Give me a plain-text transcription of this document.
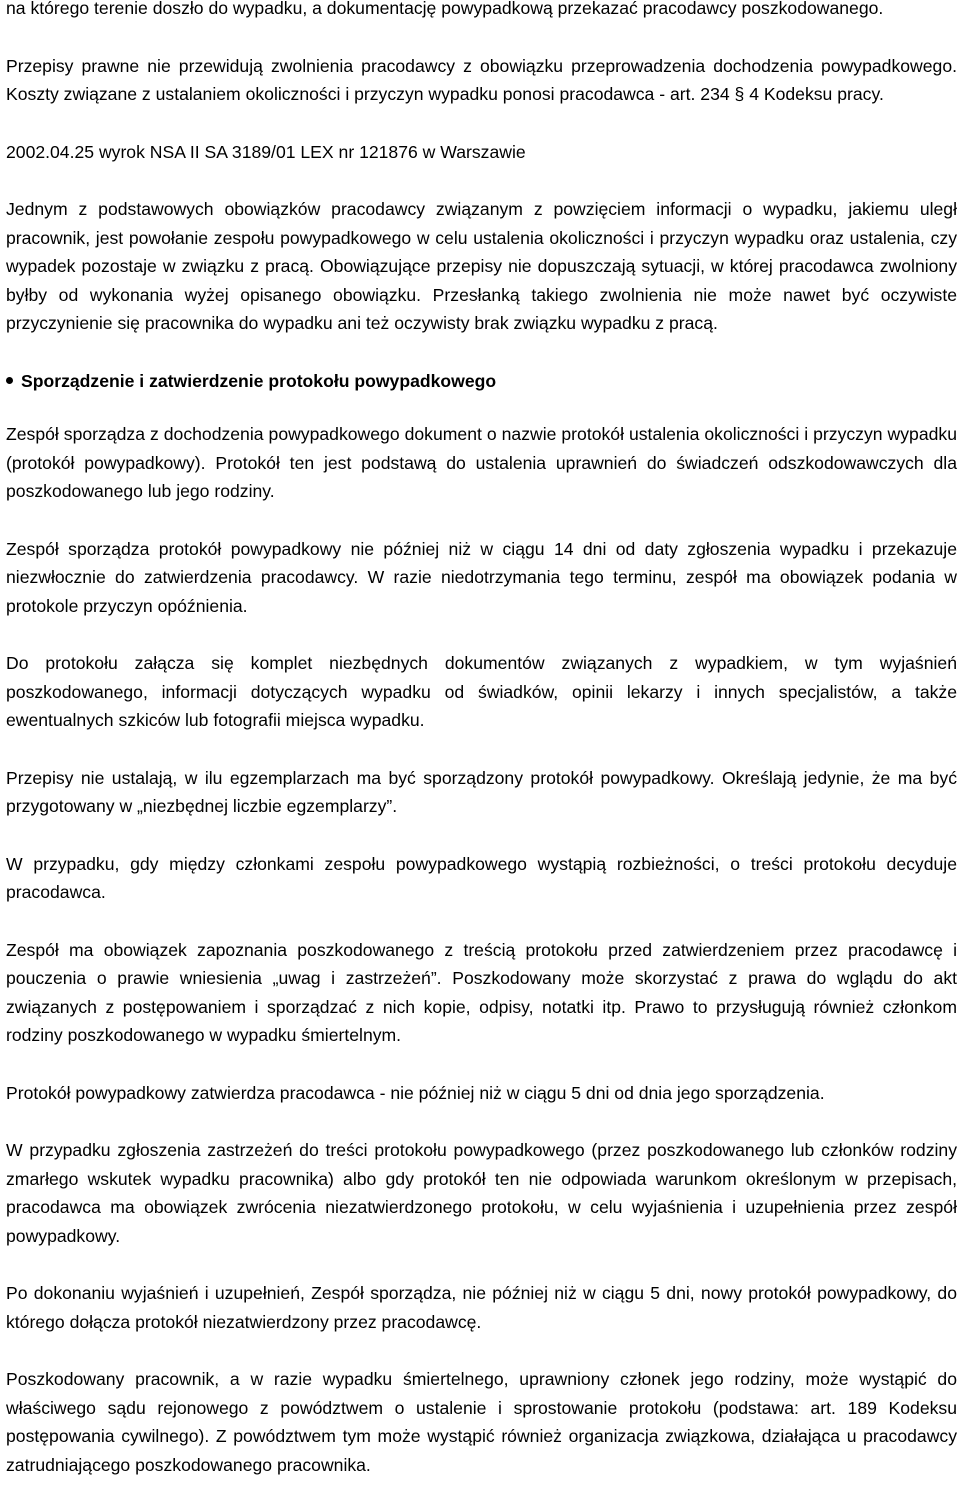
na którego terenie doszło do wypadku, a dokumentację powypadkową przekazać pracodawcy poszkodowanego.

Przepisy prawne nie przewidują zwolnienia pracodawcy z obowiązku przeprowadzenia dochodzenia powypadkowego. Koszty związane z ustalaniem okoliczności i przyczyn wypadku ponosi pracodawca - art. 234 § 4 Kodeksu pracy.

2002.04.25 wyrok NSA II SA 3189/01 LEX nr 121876 w Warszawie

Jednym z podstawowych obowiązków pracodawcy związanym z powzięciem informacji o wypadku, jakiemu uległ pracownik, jest powołanie zespołu powypadkowego w celu ustalenia okoliczności i przyczyn wypadku oraz ustalenia, czy wypadek pozostaje w związku z pracą. Obowiązujące przepisy nie dopuszczają sytuacji, w której pracodawca zwolniony byłby od wykonania wyżej opisanego obowiązku. Przesłanką takiego zwolnienia nie może nawet być oczywiste przyczynienie się pracownika do wypadku ani też oczywisty brak związku wypadku z pracą.

Sporządzenie i zatwierdzenie protokołu powypadkowego

Zespół sporządza z dochodzenia powypadkowego dokument o nazwie protokół ustalenia okoliczności i przyczyn wypadku (protokół powypadkowy). Protokół ten jest podstawą do ustalenia uprawnień do świadczeń odszkodowawczych dla poszkodowanego lub jego rodziny.

Zespół sporządza protokół powypadkowy nie później niż w ciągu 14 dni od daty zgłoszenia wypadku i przekazuje niezwłocznie do zatwierdzenia pracodawcy. W razie niedotrzymania tego terminu, zespół ma obowiązek podania w protokole przyczyn opóźnienia.

Do protokołu załącza się komplet niezbędnych dokumentów związanych z wypadkiem, w tym wyjaśnień poszkodowanego, informacji dotyczących wypadku od świadków, opinii lekarzy i innych specjalistów, a także ewentualnych szkiców lub fotografii miejsca wypadku.

Przepisy nie ustalają, w ilu egzemplarzach ma być sporządzony protokół powypadkowy. Określają jedynie, że ma być przygotowany w „niezbędnej liczbie egzemplarzy”.

W przypadku, gdy między członkami zespołu powypadkowego wystąpią rozbieżności, o treści protokołu decyduje pracodawca.

Zespół ma obowiązek zapoznania poszkodowanego z treścią protokołu przed zatwierdzeniem przez pracodawcę i pouczenia o prawie wniesienia „uwag i zastrzeżeń”. Poszkodowany może skorzystać z prawa do wglądu do akt związanych z postępowaniem i sporządzać z nich kopie, odpisy, notatki itp. Prawo to przysługują również członkom rodziny poszkodowanego w wypadku śmiertelnym.

Protokół powypadkowy zatwierdza pracodawca - nie później niż w ciągu 5 dni od dnia jego sporządzenia.

W przypadku zgłoszenia zastrzeżeń do treści protokołu powypadkowego (przez poszkodowanego lub członków rodziny zmarłego wskutek wypadku pracownika) albo gdy protokół ten nie odpowiada warunkom określonym w przepisach, pracodawca ma obowiązek zwrócenia niezatwierdzonego protokołu, w celu wyjaśnienia i uzupełnienia przez zespół powypadkowy.

Po dokonaniu wyjaśnień i uzupełnień, Zespół sporządza, nie później niż w ciągu 5 dni, nowy protokół powypadkowy, do którego dołącza protokół niezatwierdzony przez pracodawcę.

Poszkodowany pracownik, a w razie wypadku śmiertelnego, uprawniony członek jego rodziny, może wystąpić do właściwego sądu rejonowego z powództwem o ustalenie i sprostowanie protokołu (podstawa: art. 189 Kodeksu postępowania cywilnego). Z powództwem tym może wystąpić również organizacja związkowa, działająca u pracodawcy zatrudniającego poszkodowanego pracownika.
